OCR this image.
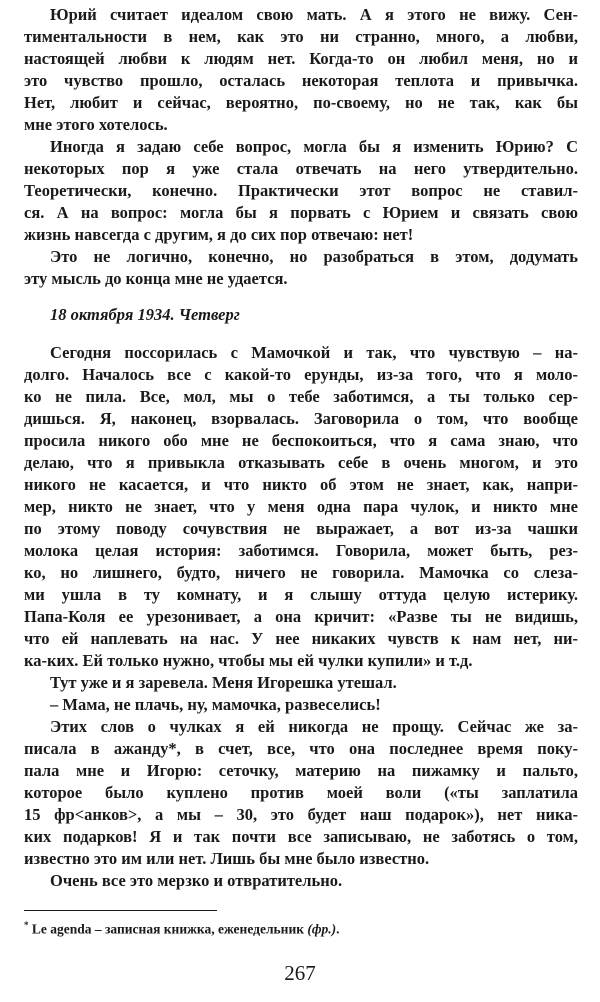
Юрий считает идеалом свою мать. А я этого не вижу. Сен-
тиментальности в нем, как это ни странно, много, а любви,
настоящей любви к людям нет. Когда-то он любил меня, но и
это чувство прошло, осталась некоторая теплота и привычка.
Нет, любит и сейчас, вероятно, по-своему, но не так, как бы
мне этого хотелось.
Иногда я задаю себе вопрос, могла бы я изменить Юрию? С
некоторых пор я уже стала отвечать на него утвердительно.
Теоретически, конечно. Практически этот вопрос не ставил-
ся. А на вопрос: могла бы я порвать с Юрием и связать свою
жизнь навсегда с другим, я до сих пор отвечаю: нет!
Это не логично, конечно, но разобраться в этом, додумать
эту мысль до конца мне не удается.
18 октября 1934. Четверг
Сегодня поссорилась с Мамочкой и так, что чувствую – на-
долго. Началось все с какой-то ерунды, из-за того, что я моло-
ко не пила. Все, мол, мы о тебе заботимся, а ты только сер-
дишься. Я, наконец, взорвалась. Заговорила о том, что вообще
просила никого обо мне не беспокоиться, что я сама знаю, что
делаю, что я привыкла отказывать себе в очень многом, и это
никого не касается, и что никто об этом не знает, как, напри-
мер, никто не знает, что у меня одна пара чулок, и никто мне
по этому поводу сочувствия не выражает, а вот из-за чашки
молока целая история: заботимся. Говорила, может быть, рез-
ко, но лишнего, будто, ничего не говорила. Мамочка со слеза-
ми ушла в ту комнату, и я слышу оттуда целую истерику.
Папа-Коля ее урезонивает, а она кричит: «Разве ты не видишь,
что ей наплевать на нас. У нее никаких чувств к нам нет, ни-
ка-ких. Ей только нужно, чтобы мы ей чулки купили» и т.д.
Тут уже и я заревела. Меня Игорешка утешал.
– Мама, не плачь, ну, мамочка, развеселись!
Этих слов о чулках я ей никогда не прощу. Сейчас же за-
писала в ажанду*, в счет, все, что она последнее время поку-
пала мне и Игорю: сеточку, материю на пижамку и пальто,
которое было куплено против моей воли («ты заплатила
15 фр<анков>, а мы – 30, это будет наш подарок»), нет ника-
ких подарков! Я и так почти все записываю, не заботясь о том,
известно это им или нет. Лишь бы мне было известно.
Очень все это мерзко и отвратительно.
* Le agenda – записная книжка, еженедельник (фр.).
267
